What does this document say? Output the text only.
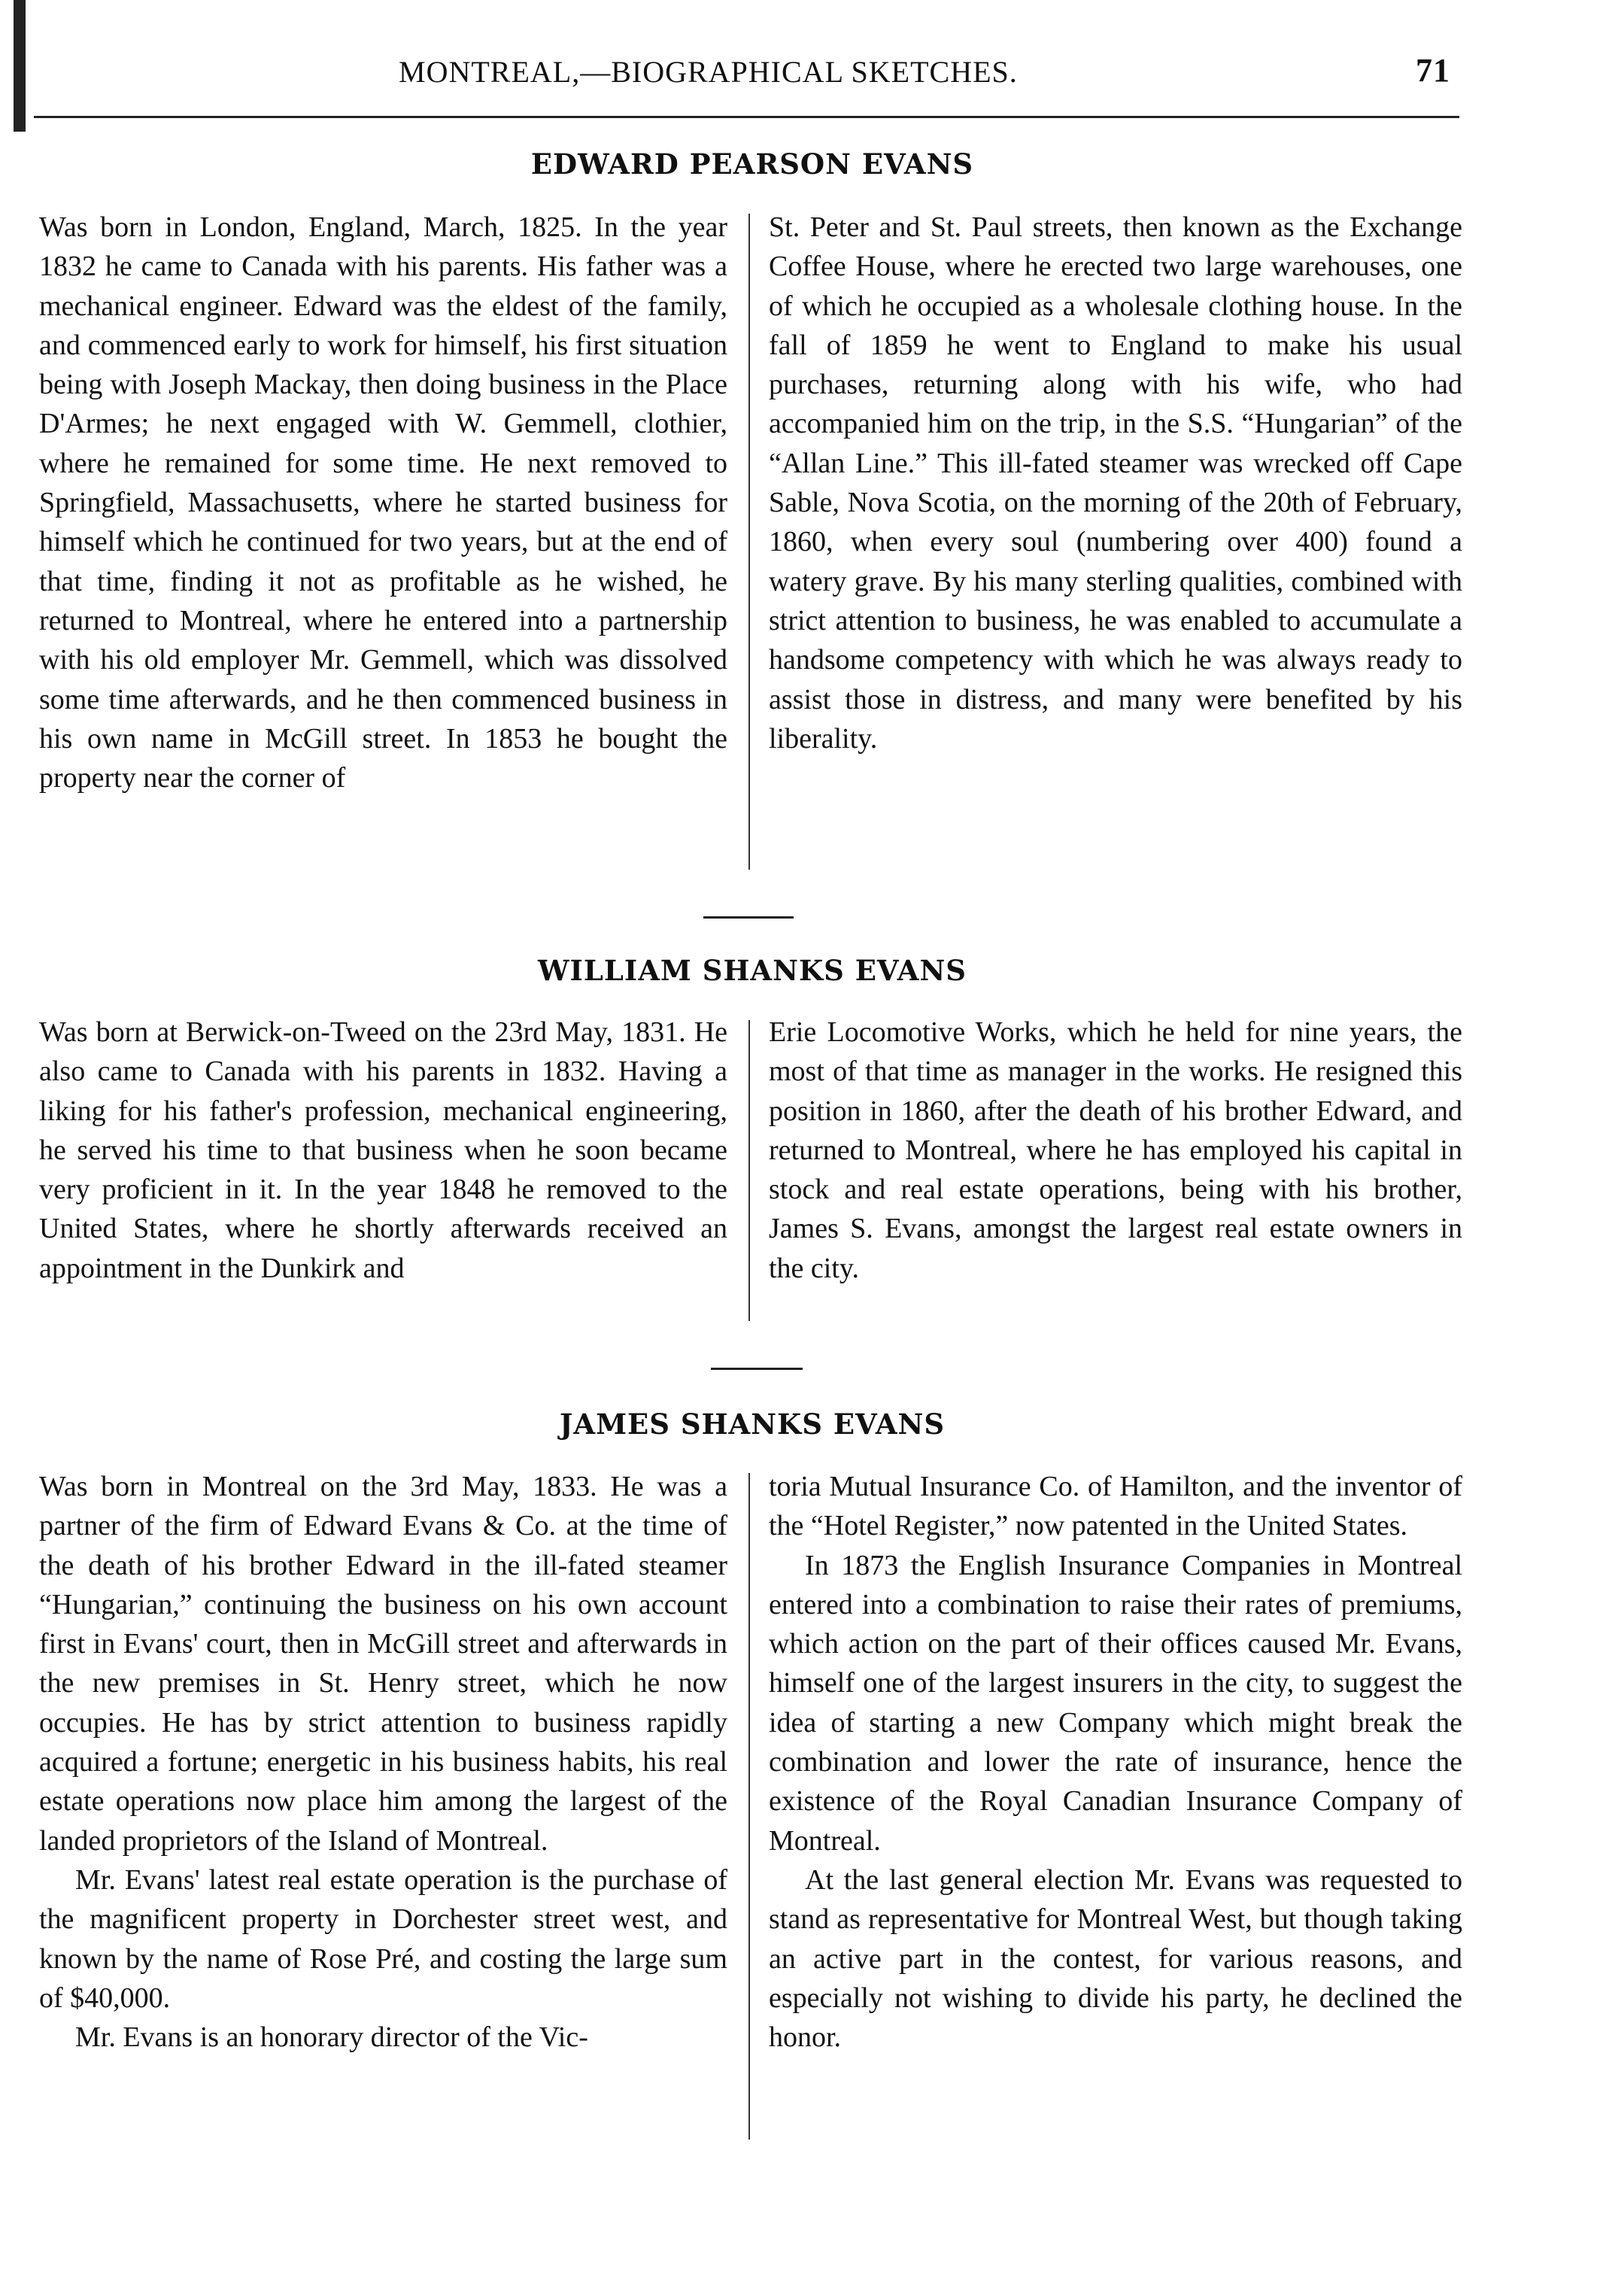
MONTREAL,—BIOGRAPHICAL SKETCHES.	71
EDWARD PEARSON EVANS

Was born in London, England, March, 1825. In the year 1832 he came to Canada with his parents. His father was a mechanical engineer. Edward was the eldest of the family, and commenced early to work for himself, his first situation being with Joseph Mackay, then doing business in the Place D'Armes; he next engaged with W. Gemmell, clothier, where he remained for some time. He next removed to Springfield, Massachusetts, where he started business for himself which he continued for two years, but at the end of that time, finding it not as profitable as he wished, he returned to Montreal, where he entered into a partnership with his old employer Mr. Gemmell, which was dissolved some time afterwards, and he then commenced business in his own name in McGill street. In 1853 he bought the property near the corner of

St. Peter and St. Paul streets, then known as the Exchange Coffee House, where he erected two large warehouses, one of which he occupied as a wholesale clothing house. In the fall of 1859 he went to England to make his usual purchases, returning along with his wife, who had accompanied him on the trip, in the S.S. “Hungarian” of the “Allan Line.” This ill-fated steamer was wrecked off Cape Sable, Nova Scotia, on the morning of the 20th of February, 1860, when every soul (numbering over 400) found a watery grave. By his many sterling qualities, combined with strict attention to business, he was enabled to accumulate a handsome competency with which he was always ready to assist those in distress, and many were benefited by his liberality.

WILLIAM SHANKS EVANS

Was born at Berwick-on-Tweed on the 23rd May, 1831. He also came to Canada with his parents in 1832. Having a liking for his father's profession, mechanical engineering, he served his time to that business when he soon became very proficient in it. In the year 1848 he removed to the United States, where he shortly afterwards received an appointment in the Dunkirk and

Erie Locomotive Works, which he held for nine years, the most of that time as manager in the works. He resigned this position in 1860, after the death of his brother Edward, and returned to Montreal, where he has employed his capital in stock and real estate operations, being with his brother, James S. Evans, amongst the largest real estate owners in the city.

JAMES SHANKS EVANS

Was born in Montreal on the 3rd May, 1833. He was a partner of the firm of Edward Evans & Co. at the time of the death of his brother Edward in the ill-fated steamer “Hungarian,” continuing the business on his own account first in Evans' court, then in McGill street and afterwards in the new premises in St. Henry street, which he now occupies. He has by strict attention to business rapidly acquired a fortune; energetic in his business habits, his real estate operations now place him among the largest of the landed proprietors of the Island of Montreal.

Mr. Evans' latest real estate operation is the purchase of the magnificent property in Dorchester street west, and known by the name of Rose Pré, and costing the large sum of $40,000.

Mr. Evans is an honorary director of the Vic-

toria Mutual Insurance Co. of Hamilton, and the inventor of the “Hotel Register,” now patented in the United States.

In 1873 the English Insurance Companies in Montreal entered into a combination to raise their rates of premiums, which action on the part of their offices caused Mr. Evans, himself one of the largest insurers in the city, to suggest the idea of starting a new Company which might break the combination and lower the rate of insurance, hence the existence of the Royal Canadian Insurance Company of Montreal.

At the last general election Mr. Evans was requested to stand as representative for Montreal West, but though taking an active part in the contest, for various reasons, and especially not wishing to divide his party, he declined the honor.
